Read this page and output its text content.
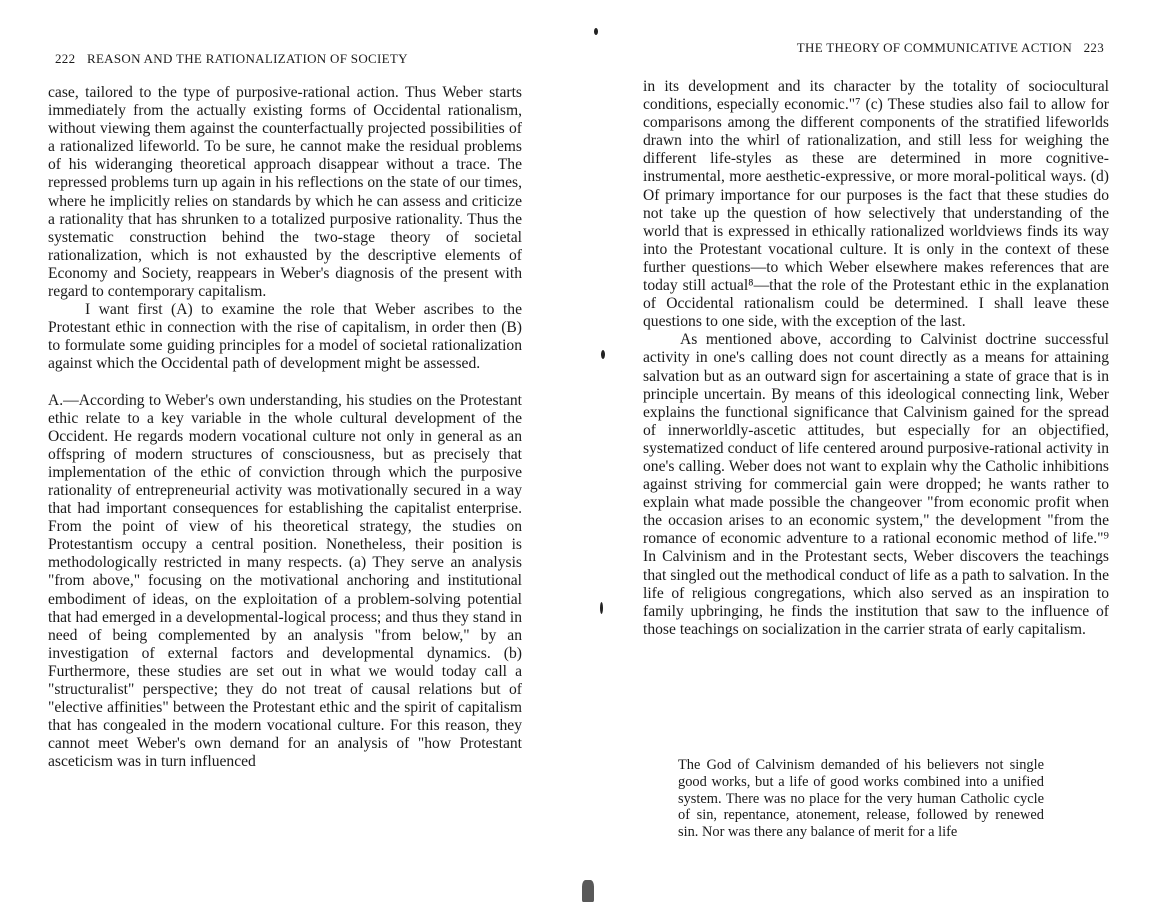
222 REASON AND THE RATIONALIZATION OF SOCIETY

case, tailored to the type of purposive-rational action. Thus Weber starts immediately from the actually existing forms of Occidental rationalism, without viewing them against the counterfactually projected possibilities of a rationalized lifeworld. To be sure, he cannot make the residual problems of his wideranging theoretical approach disappear without a trace. The repressed problems turn up again in his reflections on the state of our times, where he implicitly relies on standards by which he can assess and criticize a rationality that has shrunken to a totalized purposive rationality. Thus the systematic construction behind the two-stage theory of societal rationalization, which is not exhausted by the descriptive elements of Economy and Society, reappears in Weber's diagnosis of the present with regard to contemporary capitalism.

I want first (A) to examine the role that Weber ascribes to the Protestant ethic in connection with the rise of capitalism, in order then (B) to formulate some guiding principles for a model of societal rationalization against which the Occidental path of development might be assessed.

A.—According to Weber's own understanding, his studies on the Protestant ethic relate to a key variable in the whole cultural development of the Occident. He regards modern vocational culture not only in general as an offspring of modern structures of consciousness, but as precisely that implementation of the ethic of conviction through which the purposive rationality of entrepreneurial activity was motivationally secured in a way that had important consequences for establishing the capitalist enterprise. From the point of view of his theoretical strategy, the studies on Protestantism occupy a central position. Nonetheless, their position is methodologically restricted in many respects. (a) They serve an analysis "from above," focusing on the motivational anchoring and institutional embodiment of ideas, on the exploitation of a problem-solving potential that had emerged in a developmental-logical process; and thus they stand in need of being complemented by an analysis "from below," by an investigation of external factors and developmental dynamics. (b) Furthermore, these studies are set out in what we would today call a "structuralist" perspective; they do not treat of causal relations but of "elective affinities" between the Protestant ethic and the spirit of capitalism that has congealed in the modern vocational culture. For this reason, they cannot meet Weber's own demand for an analysis of "how Protestant asceticism was in turn influenced

THE THEORY OF COMMUNICATIVE ACTION 223

in its development and its character by the totality of sociocultural conditions, especially economic."⁷ (c) These studies also fail to allow for comparisons among the different components of the stratified lifeworlds drawn into the whirl of rationalization, and still less for weighing the different life-styles as these are determined in more cognitive-instrumental, more aesthetic-expressive, or more moral-political ways. (d) Of primary importance for our purposes is the fact that these studies do not take up the question of how selectively that understanding of the world that is expressed in ethically rationalized worldviews finds its way into the Protestant vocational culture. It is only in the context of these further questions—to which Weber elsewhere makes references that are today still actual⁸—that the role of the Protestant ethic in the explanation of Occidental rationalism could be determined. I shall leave these questions to one side, with the exception of the last.

As mentioned above, according to Calvinist doctrine successful activity in one's calling does not count directly as a means for attaining salvation but as an outward sign for ascertaining a state of grace that is in principle uncertain. By means of this ideological connecting link, Weber explains the functional significance that Calvinism gained for the spread of innerworldly-ascetic attitudes, but especially for an objectified, systematized conduct of life centered around purposive-rational activity in one's calling. Weber does not want to explain why the Catholic inhibitions against striving for commercial gain were dropped; he wants rather to explain what made possible the changeover "from economic profit when the occasion arises to an economic system," the development "from the romance of economic adventure to a rational economic method of life."⁹ In Calvinism and in the Protestant sects, Weber discovers the teachings that singled out the methodical conduct of life as a path to salvation. In the life of religious congregations, which also served as an inspiration to family upbringing, he finds the institution that saw to the influence of those teachings on socialization in the carrier strata of early capitalism.

The God of Calvinism demanded of his believers not single good works, but a life of good works combined into a unified system. There was no place for the very human Catholic cycle of sin, repentance, atonement, release, followed by renewed sin. Nor was there any balance of merit for a life
